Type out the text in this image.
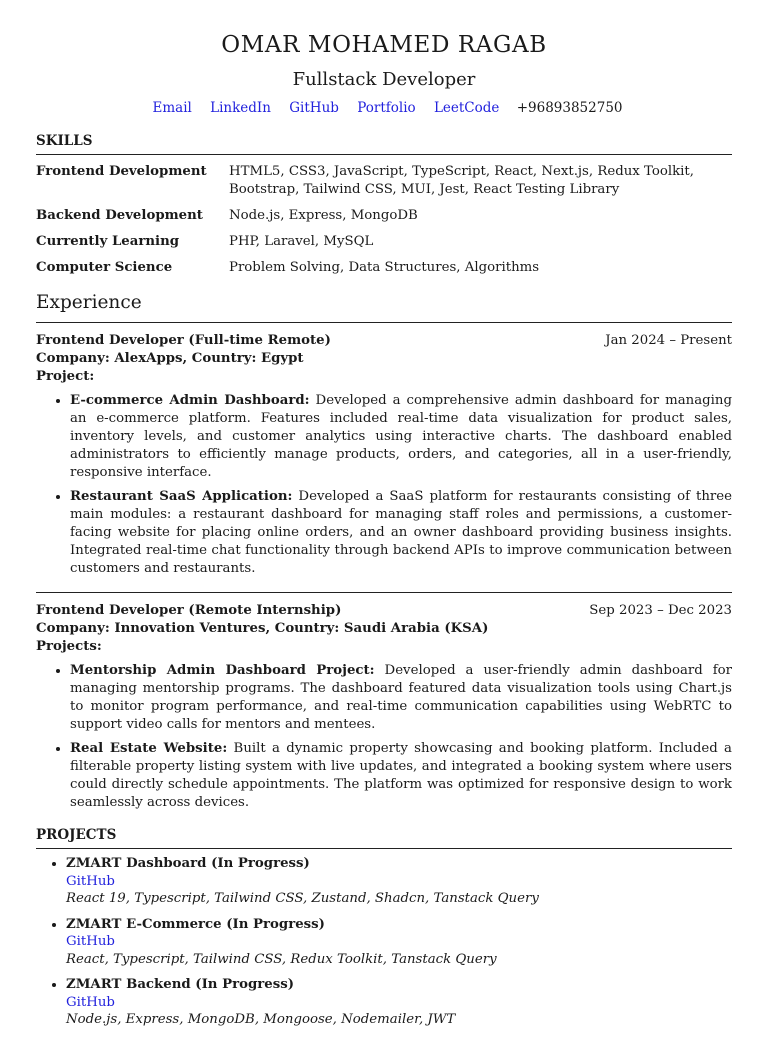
OMAR MOHAMED RAGAB
Fullstack Developer
Email LinkedIn GitHub Portfolio LeetCode +96893852750
SKILLS
Frontend Development	HTML5, CSS3, JavaScript, TypeScript, React, Next.js, Redux Toolkit, Bootstrap, Tailwind CSS, MUI, Jest, React Testing Library
Backend Development	Node.js, Express, MongoDB
Currently Learning	PHP, Laravel, MySQL
Computer Science	Problem Solving, Data Structures, Algorithms
Experience
Frontend Developer (Full-time Remote)	Jan 2024 – Present
Company: AlexApps, Country: Egypt
Project:
• E-commerce Admin Dashboard: Developed a comprehensive admin dashboard for managing an e-commerce platform. Features included real-time data visualization for product sales, inventory levels, and customer analytics using interactive charts. The dashboard enabled administrators to efficiently manage products, orders, and categories, all in a user-friendly, responsive interface.
• Restaurant SaaS Application: Developed a SaaS platform for restaurants consisting of three main modules: a restaurant dashboard for managing staff roles and permissions, a customer-facing website for placing online orders, and an owner dashboard providing business insights. Integrated real-time chat functionality through backend APIs to improve communication between customers and restaurants.
Frontend Developer (Remote Internship)	Sep 2023 – Dec 2023
Company: Innovation Ventures, Country: Saudi Arabia (KSA)
Projects:
• Mentorship Admin Dashboard Project: Developed a user-friendly admin dashboard for managing mentorship programs. The dashboard featured data visualization tools using Chart.js to monitor program performance, and real-time communication capabilities using WebRTC to support video calls for mentors and mentees.
• Real Estate Website: Built a dynamic property showcasing and booking platform. Included a filterable property listing system with live updates, and integrated a booking system where users could directly schedule appointments. The platform was optimized for responsive design to work seamlessly across devices.
PROJECTS
• ZMART Dashboard (In Progress)
GitHub
React 19, Typescript, Tailwind CSS, Zustand, Shadcn, Tanstack Query
• ZMART E-Commerce (In Progress)
GitHub
React, Typescript, Tailwind CSS, Redux Toolkit, Tanstack Query
• ZMART Backend (In Progress)
GitHub
Node.js, Express, MongoDB, Mongoose, Nodemailer, JWT
